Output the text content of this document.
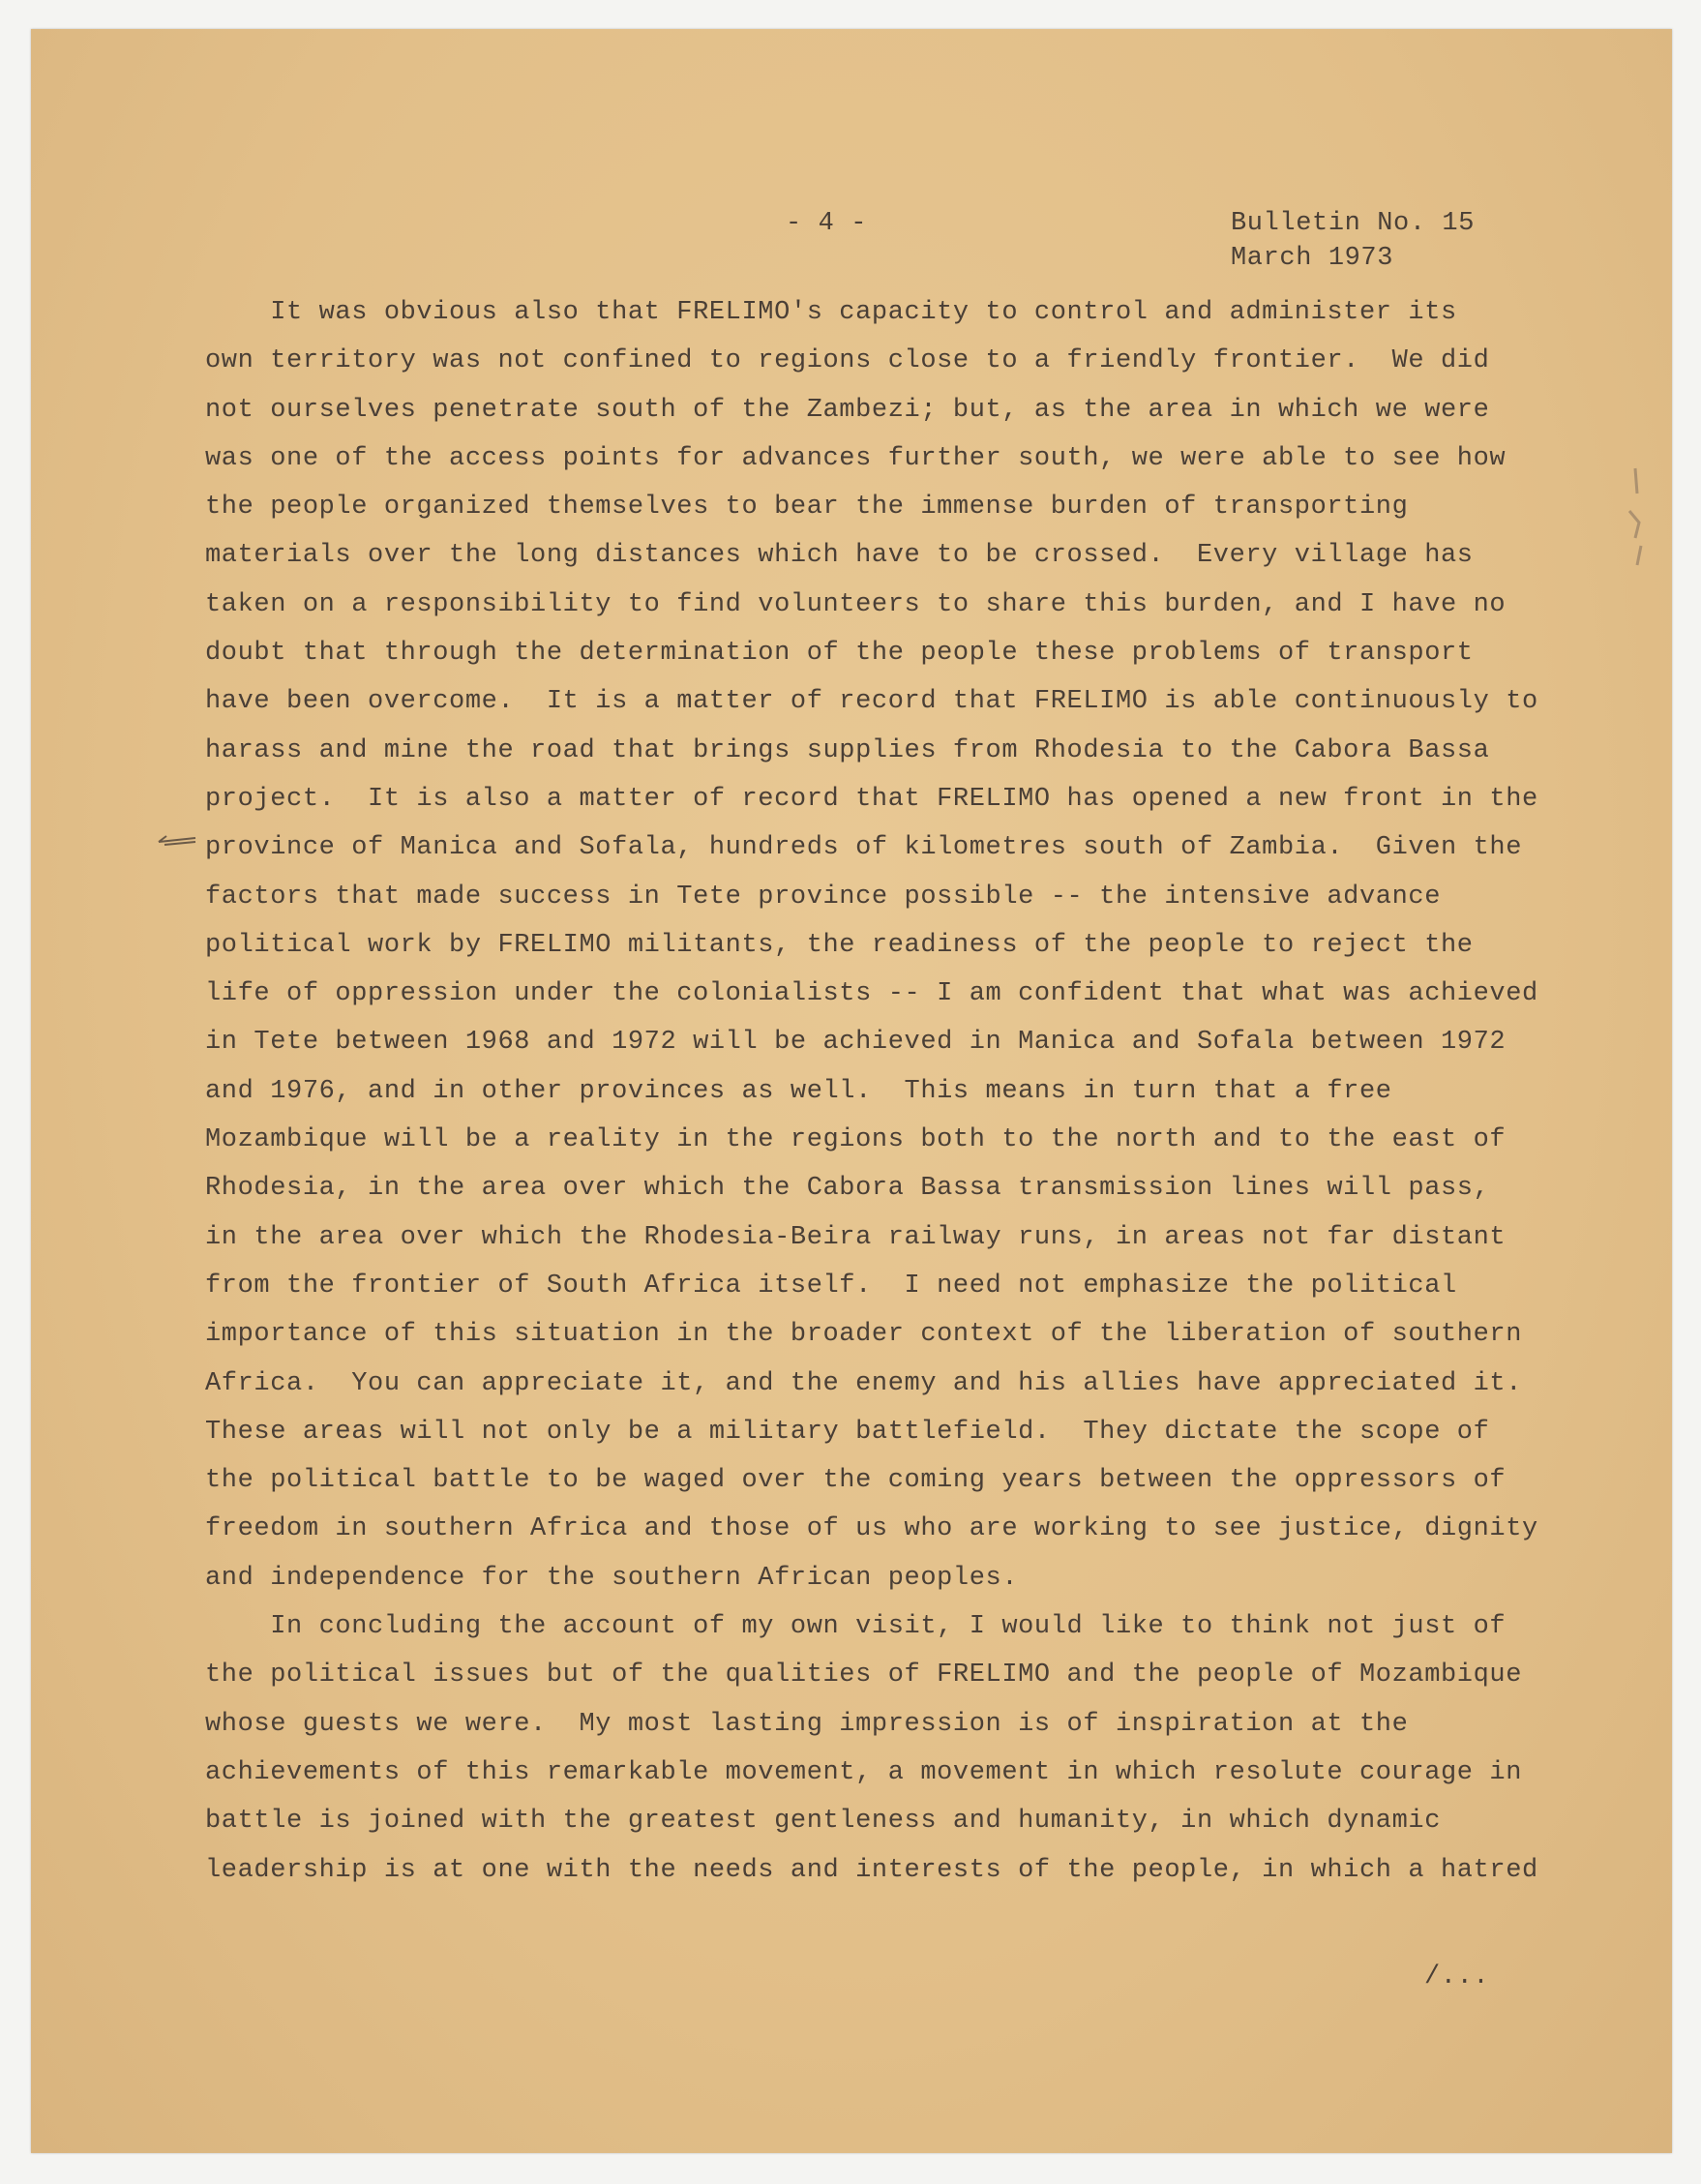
- 4 -	Bulletin No. 15
March 1973
It was obvious also that FRELIMO's capacity to control and administer its
own territory was not confined to regions close to a friendly frontier.  We did
not ourselves penetrate south of the Zambezi; but, as the area in which we were
was one of the access points for advances further south, we were able to see how
the people organized themselves to bear the immense burden of transporting
materials over the long distances which have to be crossed.  Every village has
taken on a responsibility to find volunteers to share this burden, and I have no
doubt that through the determination of the people these problems of transport
have been overcome.  It is a matter of record that FRELIMO is able continuously to
harass and mine the road that brings supplies from Rhodesia to the Cabora Bassa
project.  It is also a matter of record that FRELIMO has opened a new front in the
province of Manica and Sofala, hundreds of kilometres south of Zambia.  Given the
factors that made success in Tete province possible -- the intensive advance
political work by FRELIMO militants, the readiness of the people to reject the
life of oppression under the colonialists -- I am confident that what was achieved
in Tete between 1968 and 1972 will be achieved in Manica and Sofala between 1972
and 1976, and in other provinces as well.  This means in turn that a free
Mozambique will be a reality in the regions both to the north and to the east of
Rhodesia, in the area over which the Cabora Bassa transmission lines will pass,
in the area over which the Rhodesia-Beira railway runs, in areas not far distant
from the frontier of South Africa itself.  I need not emphasize the political
importance of this situation in the broader context of the liberation of southern
Africa.  You can appreciate it, and the enemy and his allies have appreciated it.
These areas will not only be a military battlefield.  They dictate the scope of
the political battle to be waged over the coming years between the oppressors of
freedom in southern Africa and those of us who are working to see justice, dignity
and independence for the southern African peoples.
In concluding the account of my own visit, I would like to think not just of
the political issues but of the qualities of FRELIMO and the people of Mozambique
whose guests we were.  My most lasting impression is of inspiration at the
achievements of this remarkable movement, a movement in which resolute courage in
battle is joined with the greatest gentleness and humanity, in which dynamic
leadership is at one with the needs and interests of the people, in which a hatred
/...
